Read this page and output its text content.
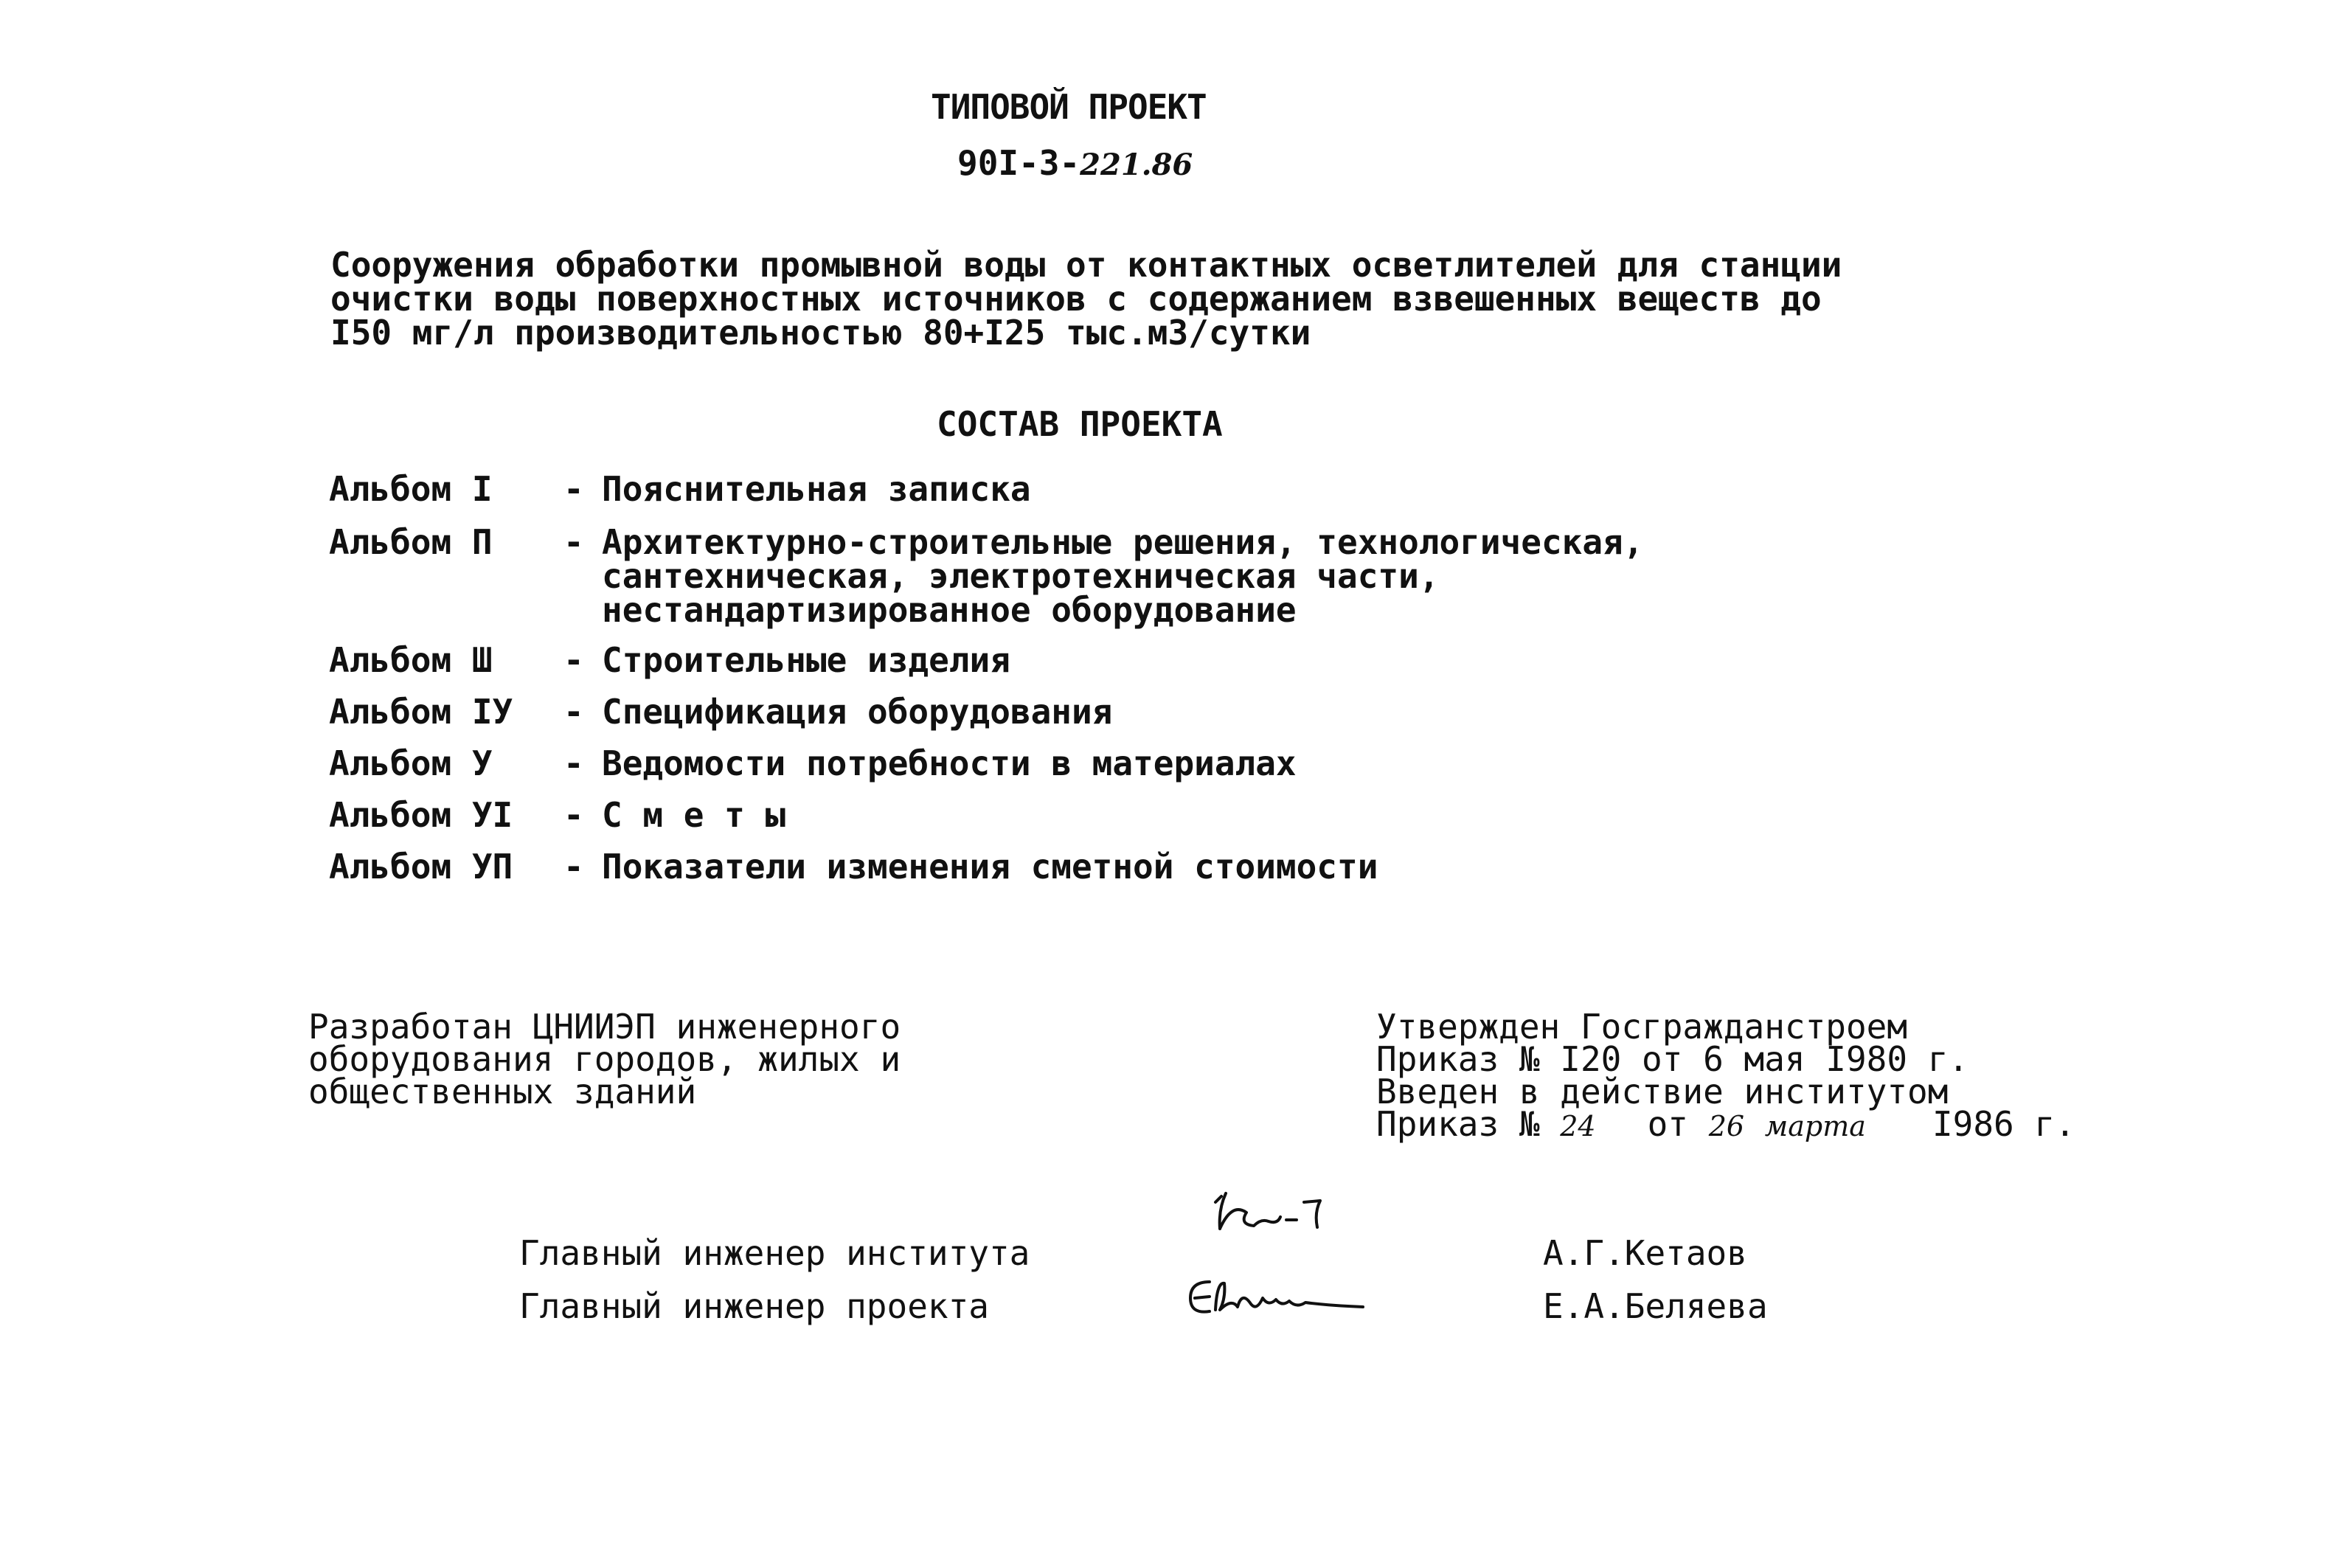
ТИПОВОЙ ПРОЕКТ
90I-3-221.86
Сооружения обработки промывной воды от контактных осветлителей для станции
очистки воды поверхностных источников с содержанием взвешенных веществ до
I50 мг/л производительностью 80+I25 тыс.м3/сутки
СОСТАВ ПРОЕКТА
Альбом I	- Пояснительная записка
Альбом П	- Архитектурно-строительные решения, технологическая,
сантехническая, электротехническая части,
нестандартизированное оборудование
Альбом Ш	- Строительные изделия
Альбом IУ	- Спецификация оборудования
Альбом У	- Ведомости потребности в материалах
Альбом УI	- С м е т ы
Альбом УП	- Показатели изменения сметной стоимости
Разработан ЦНИИЭП инженерного
оборудования городов, жилых и
общественных зданий
Утвержден Госгражданстроем
Приказ № I20 от 6 мая I980 г.
Введен в действие институтом
Приказ № 24 от 26 марта I986 г.
Главный инженер института	А.Г.Кетаов
Главный инженер проекта	Е.А.Беляева
